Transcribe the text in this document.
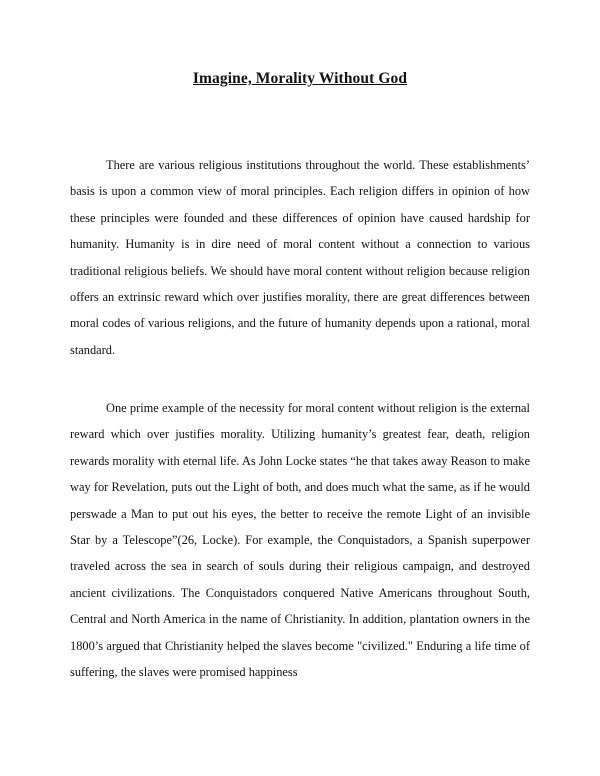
Imagine, Morality Without God

There are various religious institutions throughout the world. These establishments’ basis is upon a common view of moral principles. Each religion differs in opinion of how these principles were founded and these differences of opinion have caused hardship for humanity. Humanity is in dire need of moral content without a connection to various traditional religious beliefs. We should have moral content without religion because religion offers an extrinsic reward which over justifies morality, there are great differences between moral codes of various religions, and the future of humanity depends upon a rational, moral standard.

One prime example of the necessity for moral content without religion is the external reward which over justifies morality. Utilizing humanity’s greatest fear, death, religion rewards morality with eternal life. As John Locke states “he that takes away Reason to make way for Revelation, puts out the Light of both, and does much what the same, as if he would perswade a Man to put out his eyes, the better to receive the remote Light of an invisible Star by a Telescope”(26, Locke). For example, the Conquistadors, a Spanish superpower traveled across the sea in search of souls during their religious campaign, and destroyed ancient civilizations. The Conquistadors conquered Native Americans throughout South, Central and North America in the name of Christianity. In addition, plantation owners in the 1800’s argued that Christianity helped the slaves become "civilized." Enduring a life time of suffering, the slaves were promised happiness
